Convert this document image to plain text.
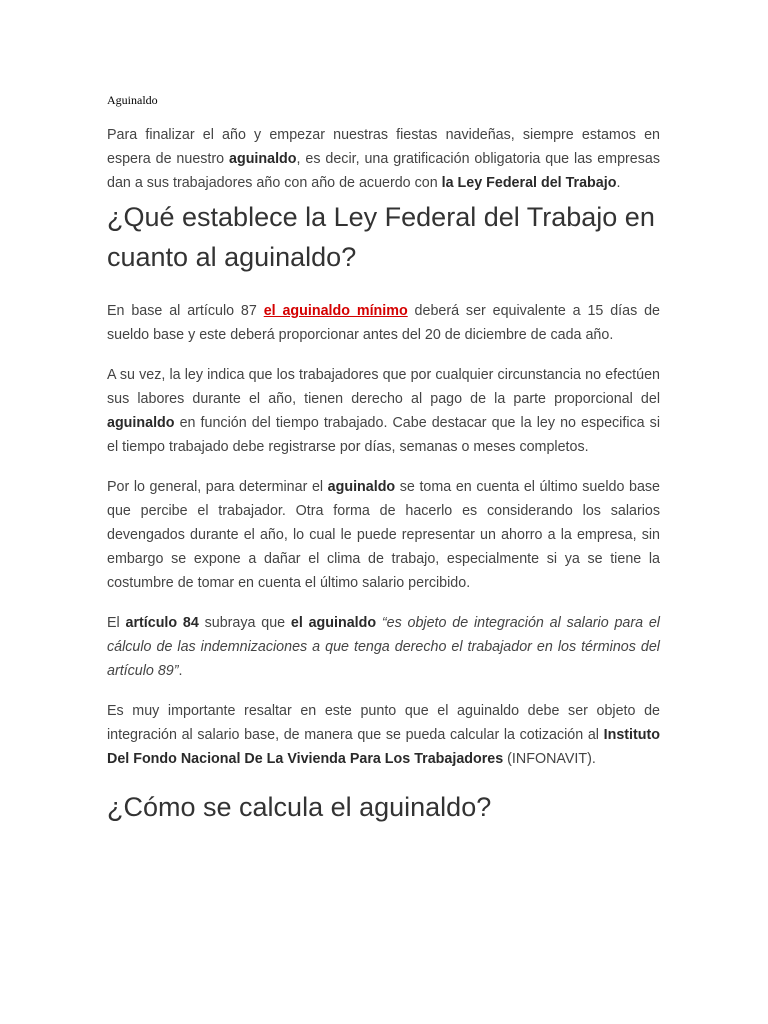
Aguinaldo

Para finalizar el año y empezar nuestras fiestas navideñas, siempre estamos en espera de nuestro aguinaldo, es decir, una gratificación obligatoria que las empresas dan a sus trabajadores año con año de acuerdo con la Ley Federal del Trabajo.

¿Qué establece la Ley Federal del Trabajo en cuanto al aguinaldo?

En base al artículo 87 el aguinaldo mínimo deberá ser equivalente a 15 días de sueldo base y este deberá proporcionar antes del 20 de diciembre de cada año.

A su vez, la ley indica que los trabajadores que por cualquier circunstancia no efectúen sus labores durante el año, tienen derecho al pago de la parte proporcional del aguinaldo en función del tiempo trabajado. Cabe destacar que la ley no especifica si el tiempo trabajado debe registrarse por días, semanas o meses completos.

Por lo general, para determinar el aguinaldo se toma en cuenta el último sueldo base que percibe el trabajador. Otra forma de hacerlo es considerando los salarios devengados durante el año, lo cual le puede representar un ahorro a la empresa, sin embargo se expone a dañar el clima de trabajo, especialmente si ya se tiene la costumbre de tomar en cuenta el último salario percibido.

El artículo 84 subraya que el aguinaldo “es objeto de integración al salario para el cálculo de las indemnizaciones a que tenga derecho el trabajador en los términos del artículo 89”.

Es muy importante resaltar en este punto que el aguinaldo debe ser objeto de integración al salario base, de manera que se pueda calcular la cotización al Instituto Del Fondo Nacional De La Vivienda Para Los Trabajadores (INFONAVIT).

¿Cómo se calcula el aguinaldo?
